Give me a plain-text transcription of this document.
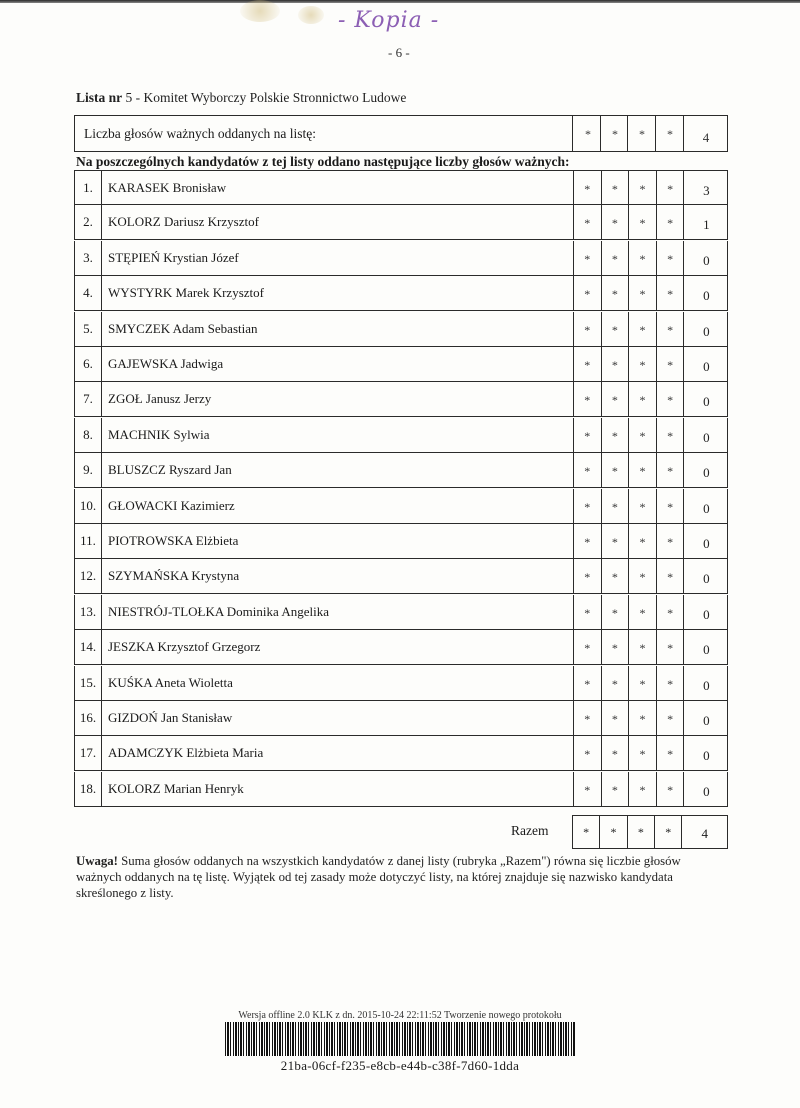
- Kopia -
- 6 -
Lista nr 5 - Komitet Wyborczy Polskie Stronnictwo Ludowe
Liczba głosów ważnych oddanych na listę:	*	*	*	*	4
Na poszczególnych kandydatów z tej listy oddano następujące liczby głosów ważnych:
1.	KARASEK Bronisław	*	*	*	*	3
2.	KOLORZ Dariusz Krzysztof	*	*	*	*	1
3.	STĘPIEŃ Krystian Józef	*	*	*	*	0
4.	WYSTYRK Marek Krzysztof	*	*	*	*	0
5.	SMYCZEK Adam Sebastian	*	*	*	*	0
6.	GAJEWSKA Jadwiga	*	*	*	*	0
7.	ZGOŁ Janusz Jerzy	*	*	*	*	0
8.	MACHNIK Sylwia	*	*	*	*	0
9.	BLUSZCZ Ryszard Jan	*	*	*	*	0
10. GŁOWACKI Kazimierz	*	*	*	*	0
11. PIOTROWSKA Elżbieta	*	*	*	*	0
12. SZYMAŃSKA Krystyna	*	*	*	*	0
13. NIESTRÓJ-TLOŁKA Dominika Angelika	*	*	*	*	0
14. JESZKA Krzysztof Grzegorz	*	*	*	*	0
15. KUŚKA Aneta Wioletta	*	*	*	*	0
16. GIZDOŃ Jan Stanisław	*	*	*	*	0
17. ADAMCZYK Elżbieta Maria	*	*	*	*	0
18. KOLORZ Marian Henryk	*	*	*	*	0
Razem	*	*	*	*	4
Uwaga! Suma głosów oddanych na wszystkich kandydatów z danej listy (rubryka „Razem") równa się liczbie głosów ważnych oddanych na tę listę. Wyjątek od tej zasady może dotyczyć listy, na której znajduje się nazwisko kandydata skreślonego z listy.
Wersja offline 2.0 KLK z dn. 2015-10-24 22:11:52 Tworzenie nowego protokołu
21ba-06cf-f235-e8cb-e44b-c38f-7d60-1dda
